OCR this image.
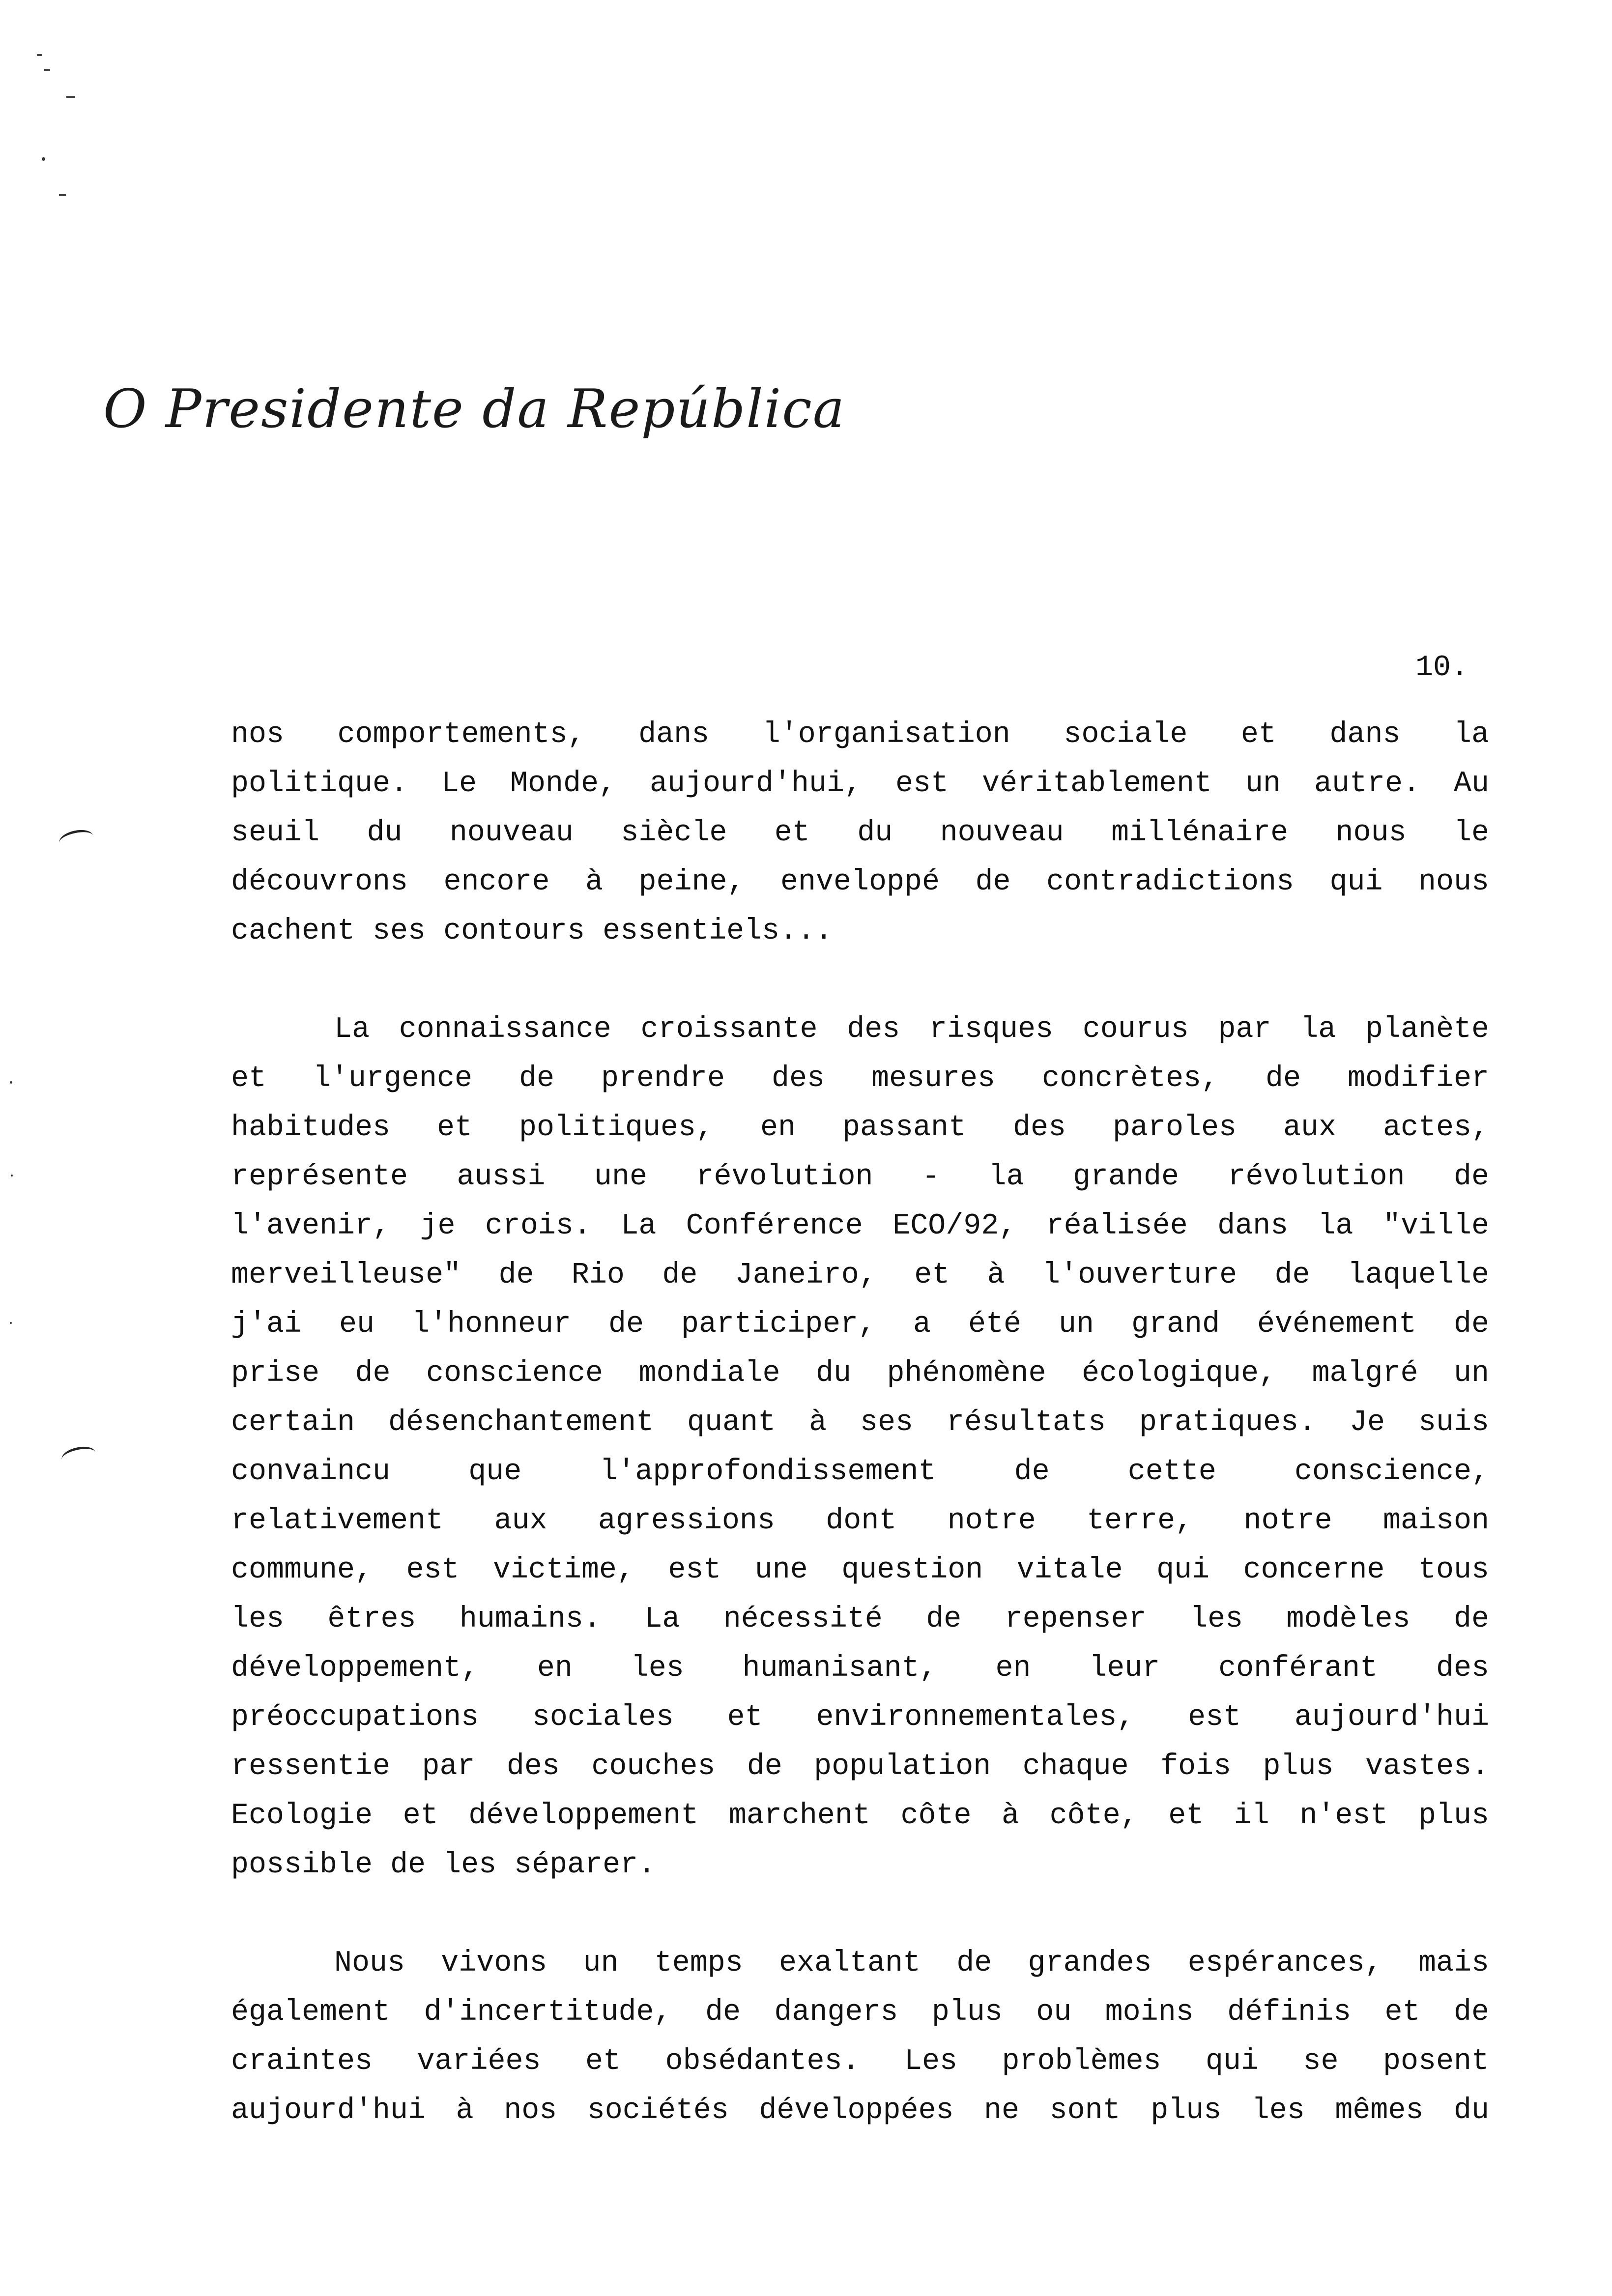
O Presidente da República
10.
nos comportements, dans l'organisation sociale et dans la
politique. Le Monde, aujourd'hui, est véritablement un autre. Au
seuil du nouveau siècle et du nouveau millénaire nous le
découvrons encore à peine, enveloppé de contradictions qui nous
cachent ses contours essentiels...
La connaissance croissante des risques courus par la planète
et l'urgence de prendre des mesures concrètes, de modifier
habitudes et politiques, en passant des paroles aux actes,
représente aussi une révolution - la grande révolution de
l'avenir, je crois. La Conférence ECO/92, réalisée dans la "ville
merveilleuse" de Rio de Janeiro, et à l'ouverture de laquelle
j'ai eu l'honneur de participer, a été un grand événement de
prise de conscience mondiale du phénomène écologique, malgré un
certain désenchantement quant à ses résultats pratiques. Je suis
convaincu que l'approfondissement de cette conscience,
relativement aux agressions dont notre terre, notre maison
commune, est victime, est une question vitale qui concerne tous
les êtres humains. La nécessité de repenser les modèles de
développement, en les humanisant, en leur conférant des
préoccupations sociales et environnementales, est aujourd'hui
ressentie par des couches de population chaque fois plus vastes.
Ecologie et développement marchent côte à côte, et il n'est plus
possible de les séparer.
Nous vivons un temps exaltant de grandes espérances, mais
également d'incertitude, de dangers plus ou moins définis et de
craintes variées et obsédantes. Les problèmes qui se posent
aujourd'hui à nos sociétés développées ne sont plus les mêmes du
